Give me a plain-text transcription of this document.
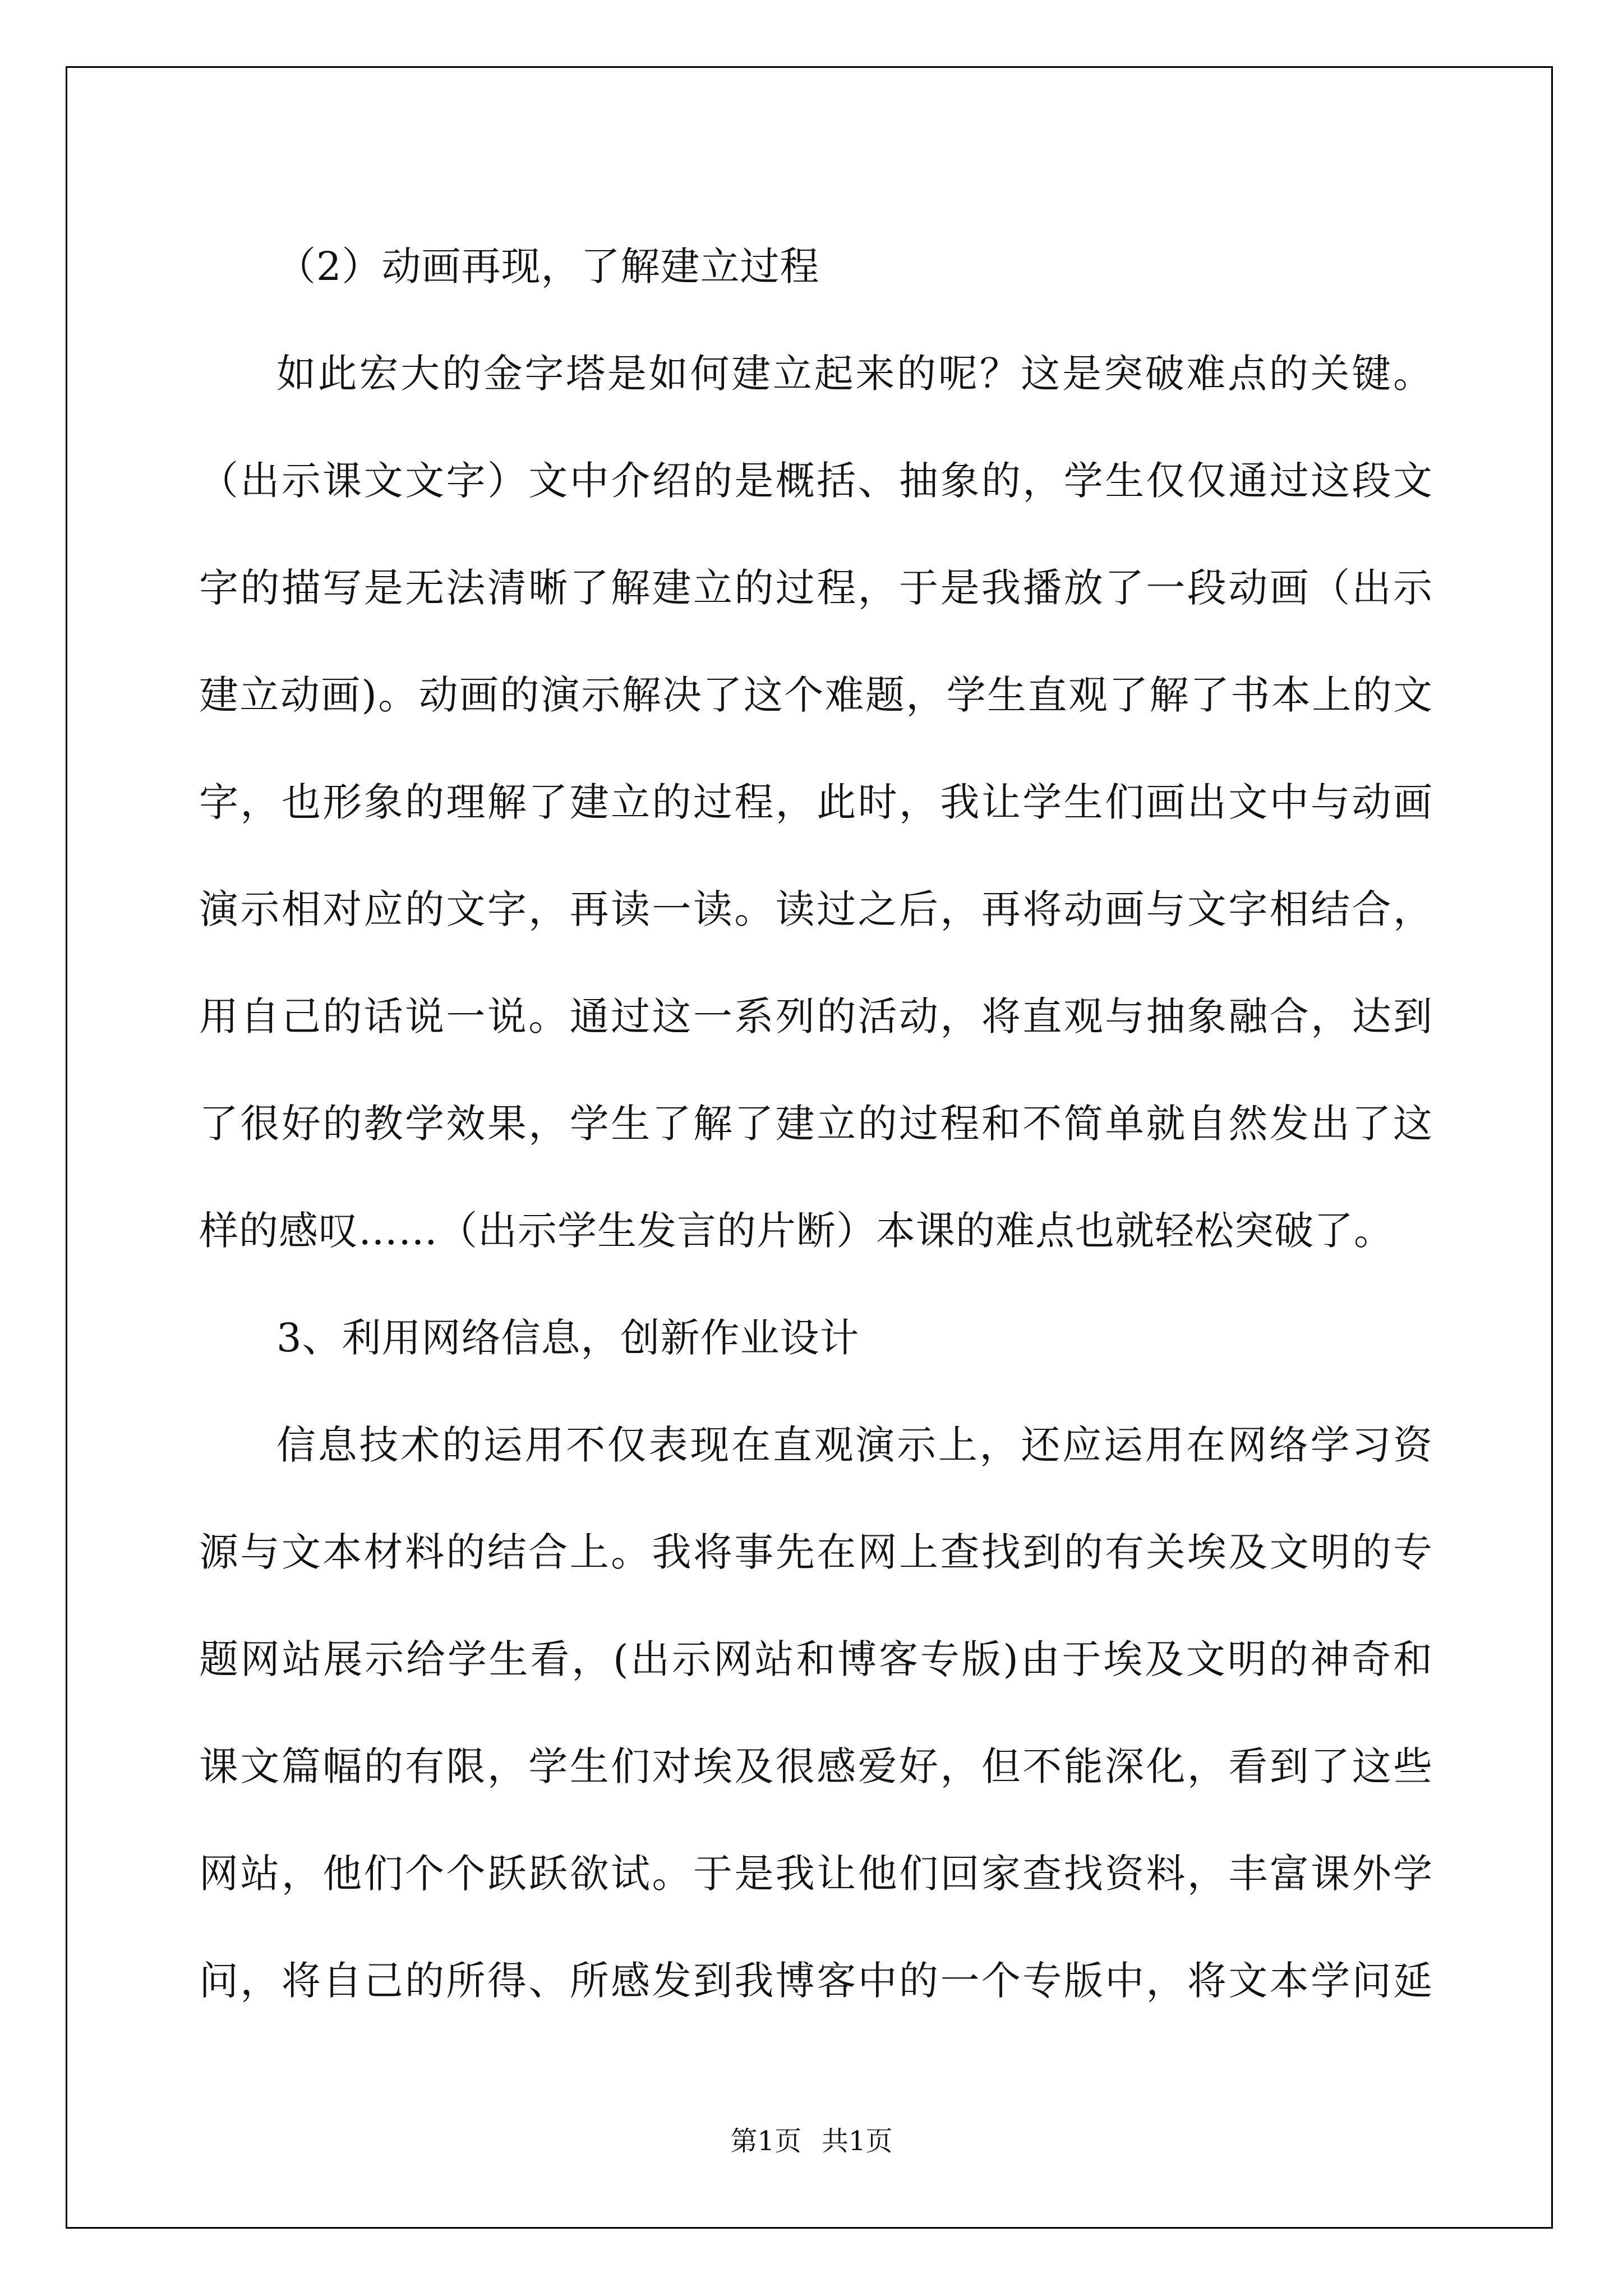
（2）动画再现，了解建立过程
如此宏大的金字塔是如何建立起来的呢？这是突破难点的关键。
（出示课文文字）文中介绍的是概括、抽象的，学生仅仅通过这段文
字的描写是无法清晰了解建立的过程，于是我播放了一段动画（出示
建立动画)。动画的演示解决了这个难题，学生直观了解了书本上的文
字，也形象的理解了建立的过程，此时，我让学生们画出文中与动画
演示相对应的文字，再读一读。读过之后，再将动画与文字相结合，
用自己的话说一说。通过这一系列的活动，将直观与抽象融合，达到
了很好的教学效果，学生了解了建立的过程和不简单就自然发出了这
样的感叹……（出示学生发言的片断）本课的难点也就轻松突破了。
3、利用网络信息，创新作业设计
信息技术的运用不仅表现在直观演示上，还应运用在网络学习资
源与文本材料的结合上。我将事先在网上查找到的有关埃及文明的专
题网站展示给学生看，(出示网站和博客专版)由于埃及文明的神奇和
课文篇幅的有限，学生们对埃及很感爱好，但不能深化，看到了这些
网站，他们个个跃跃欲试。于是我让他们回家查找资料，丰富课外学
问，将自己的所得、所感发到我博客中的一个专版中，将文本学问延
第1页 共1页
